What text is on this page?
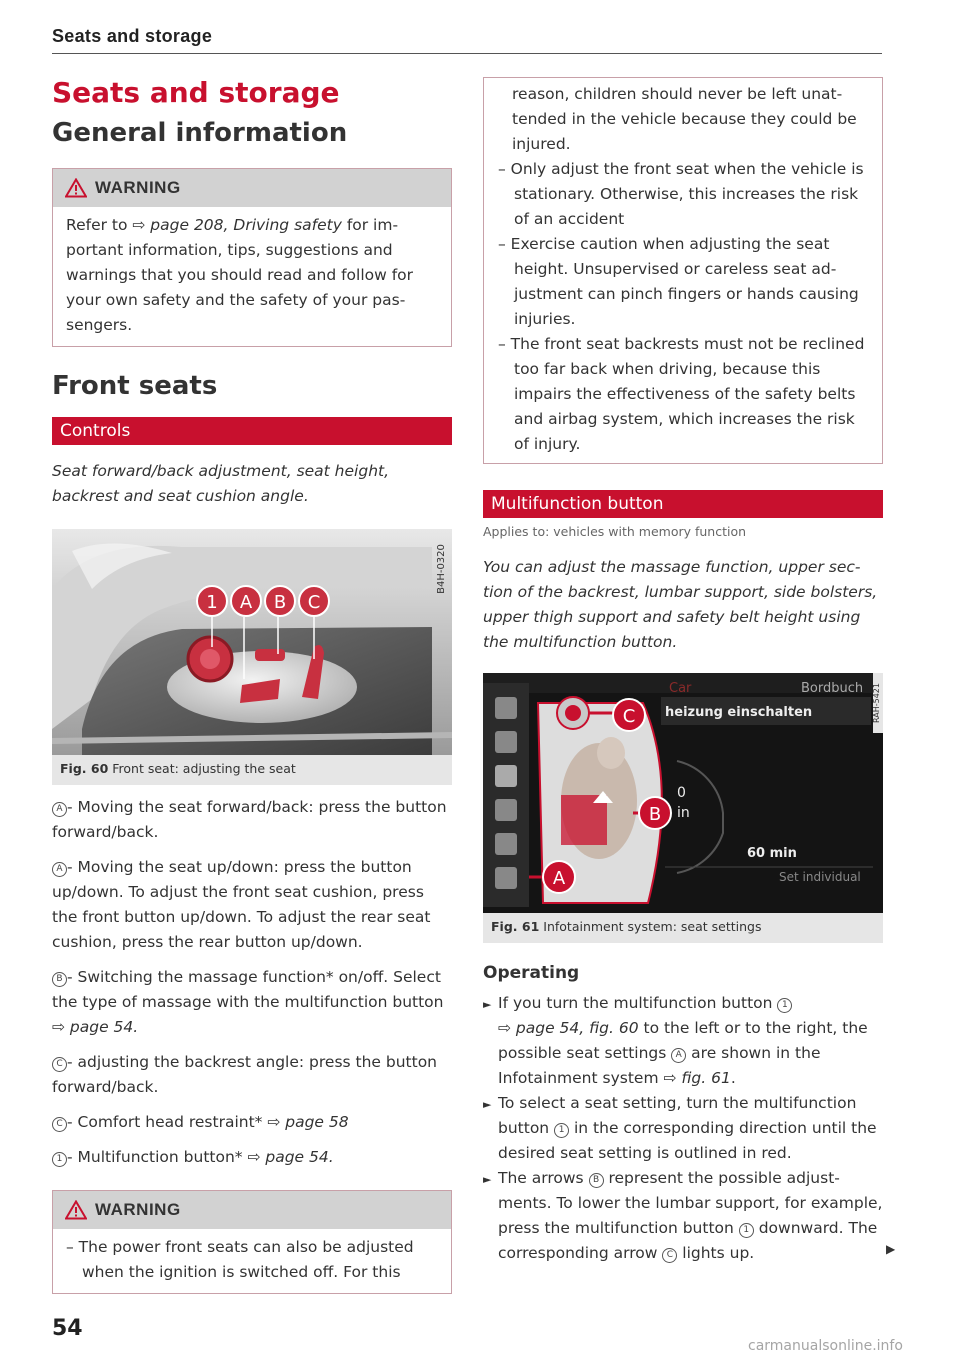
Seats and storage
Seats and storage
General information
WARNING

Refer to ⇨ page 208, Driving safety for important information, tips, suggestions and warnings that you should read and follow for your own safety and the safety of your passengers.

Front seats
Controls

Seat forward/back adjustment, seat height, backrest and seat cushion angle.

1 A B C
B4H-0320
Fig. 60 Front seat: adjusting the seat

A - Moving the seat forward/back: press the button forward/back.

A - Moving the seat up/down: press the button up/down. To adjust the front seat cushion, press the front button up/down. To adjust the rear seat cushion, press the rear button up/down.

B - Switching the massage function* on/off. Select the type of massage with the multifunction button ⇨ page 54.

C - adjusting the backrest angle: press the button forward/back.

C - Comfort head restraint* ⇨ page 58

1 - Multifunction button* ⇨ page 54.

WARNING
– The power front seats can also be adjusted when the ignition is switched off. For this

reason, children should never be left unattended in the vehicle because they could be injured.

– Only adjust the front seat when the vehicle is stationary. Otherwise, this increases the risk of an accident
– Exercise caution when adjusting the seat height. Unsupervised or careless seat adjustment can pinch fingers or hands causing injuries.
– The front seat backrests must not be reclined too far back when driving, because this impairs the effectiveness of the safety belts and airbag system, which increases the risk of injury.
Multifunction button

Applies to: vehicles with memory function

You can adjust the massage function, upper section of the backrest, lumbar support, side bolsters, upper thigh support and safety belt height using the multifunction button.

Car	Bordbuch
heizung einschalten
C
B
A
0
in
60 min
Set individual
RAH-5421
Fig. 61 Infotainment system: seat settings
Operating
► If you turn the multifunction button 1
⇨ page 54, fig. 60 to the left or to the right, the possible seat settings A are shown in the Infotainment system ⇨ fig. 61.
► To select a seat setting, turn the multifunction button 1 in the corresponding direction until the desired seat setting is outlined in red.
► The arrows B represent the possible adjustments. To lower the lumbar support, for example, press the multifunction button 1 downward. The corresponding arrow C lights up.	▶
54
carmanualsonline.info
